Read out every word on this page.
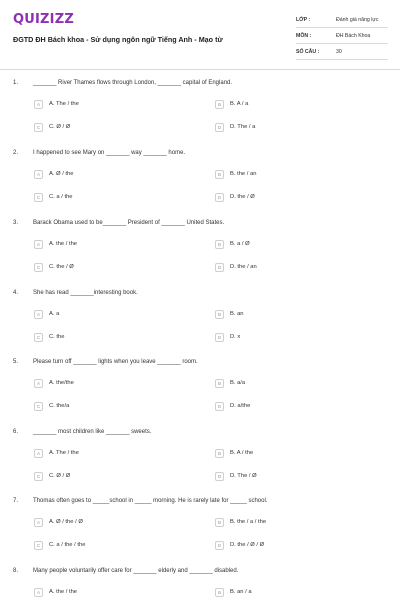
QUIZIZZ
ĐGTD ĐH Bách khoa - Sử dụng ngôn ngữ Tiếng Anh - Mạo từ
LỚP :	Đánh giá năng lực
MÔN :	ĐH Bách Khoa
SỐ CÂU :	30
1. _______ River Thames flows through London, _______ capital of England.
A	A. The / the	B	B. A / a
C	C. Ø / Ø	D	D. The / a
2. I happened to see Mary on _______ way _______ home.
A	A. Ø / the	B	B. the / an
C	C. a / the	D	D. the / Ø
3. Barack Obama used to be_______ President of _______ United States.
A	A. the / the	B	B. a / Ø
C	C. the / Ø	D	D. the / an
4. She has read _______interesting book.
A	A. a	B	B. an
C	C. the	D	D. x
5. Please turn off _______ lights when you leave _______ room.
A	A. the/the	B	B. a/a
C	C. the/a	D	D. a/the
6. _______ most children like _______ sweets.
A	A. The / the	B	B. A / the
C	C. Ø / Ø	D	D. The / Ø
7. Thomas often goes to _____school in _____ morning. He is rarely late for _____ school.
A	A. Ø / the / Ø	B	B. the / a / the
C	C. a / the / the	D	D. the / Ø / Ø
8. Many people voluntarily offer care for _______ elderly and _______ disabled.
A	A. the / the	B	B. an / a
